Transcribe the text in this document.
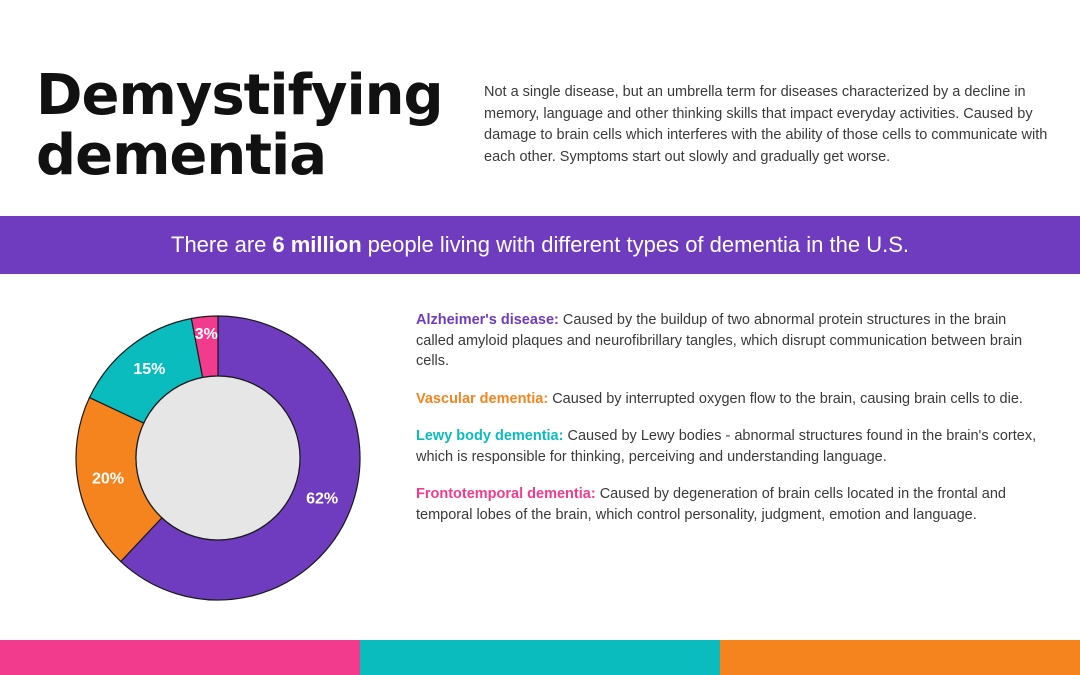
Demystifying
dementia

Not a single disease, but an umbrella term for diseases characterized by a decline in memory, language and other thinking skills that impact everyday activities. Caused by damage to brain cells which interferes with the ability of those cells to communicate with each other. Symptoms start out slowly and gradually get worse.

There are 6 million people living with different types of dementia in the U.S.
62%
20%
15%
3%
Alzheimer's disease: Caused by the buildup of two abnormal protein structures in the brain called amyloid plaques and neurofibrillary tangles, which disrupt communication between brain cells.
Vascular dementia: Caused by interrupted oxygen flow to the brain, causing brain cells to die.
Lewy body dementia: Caused by Lewy bodies - abnormal structures found in the brain's cortex, which is responsible for thinking, perceiving and understanding language.
Frontotemporal dementia: Caused by degeneration of brain cells located in the frontal and temporal lobes of the brain, which control personality, judgment, emotion and language.
